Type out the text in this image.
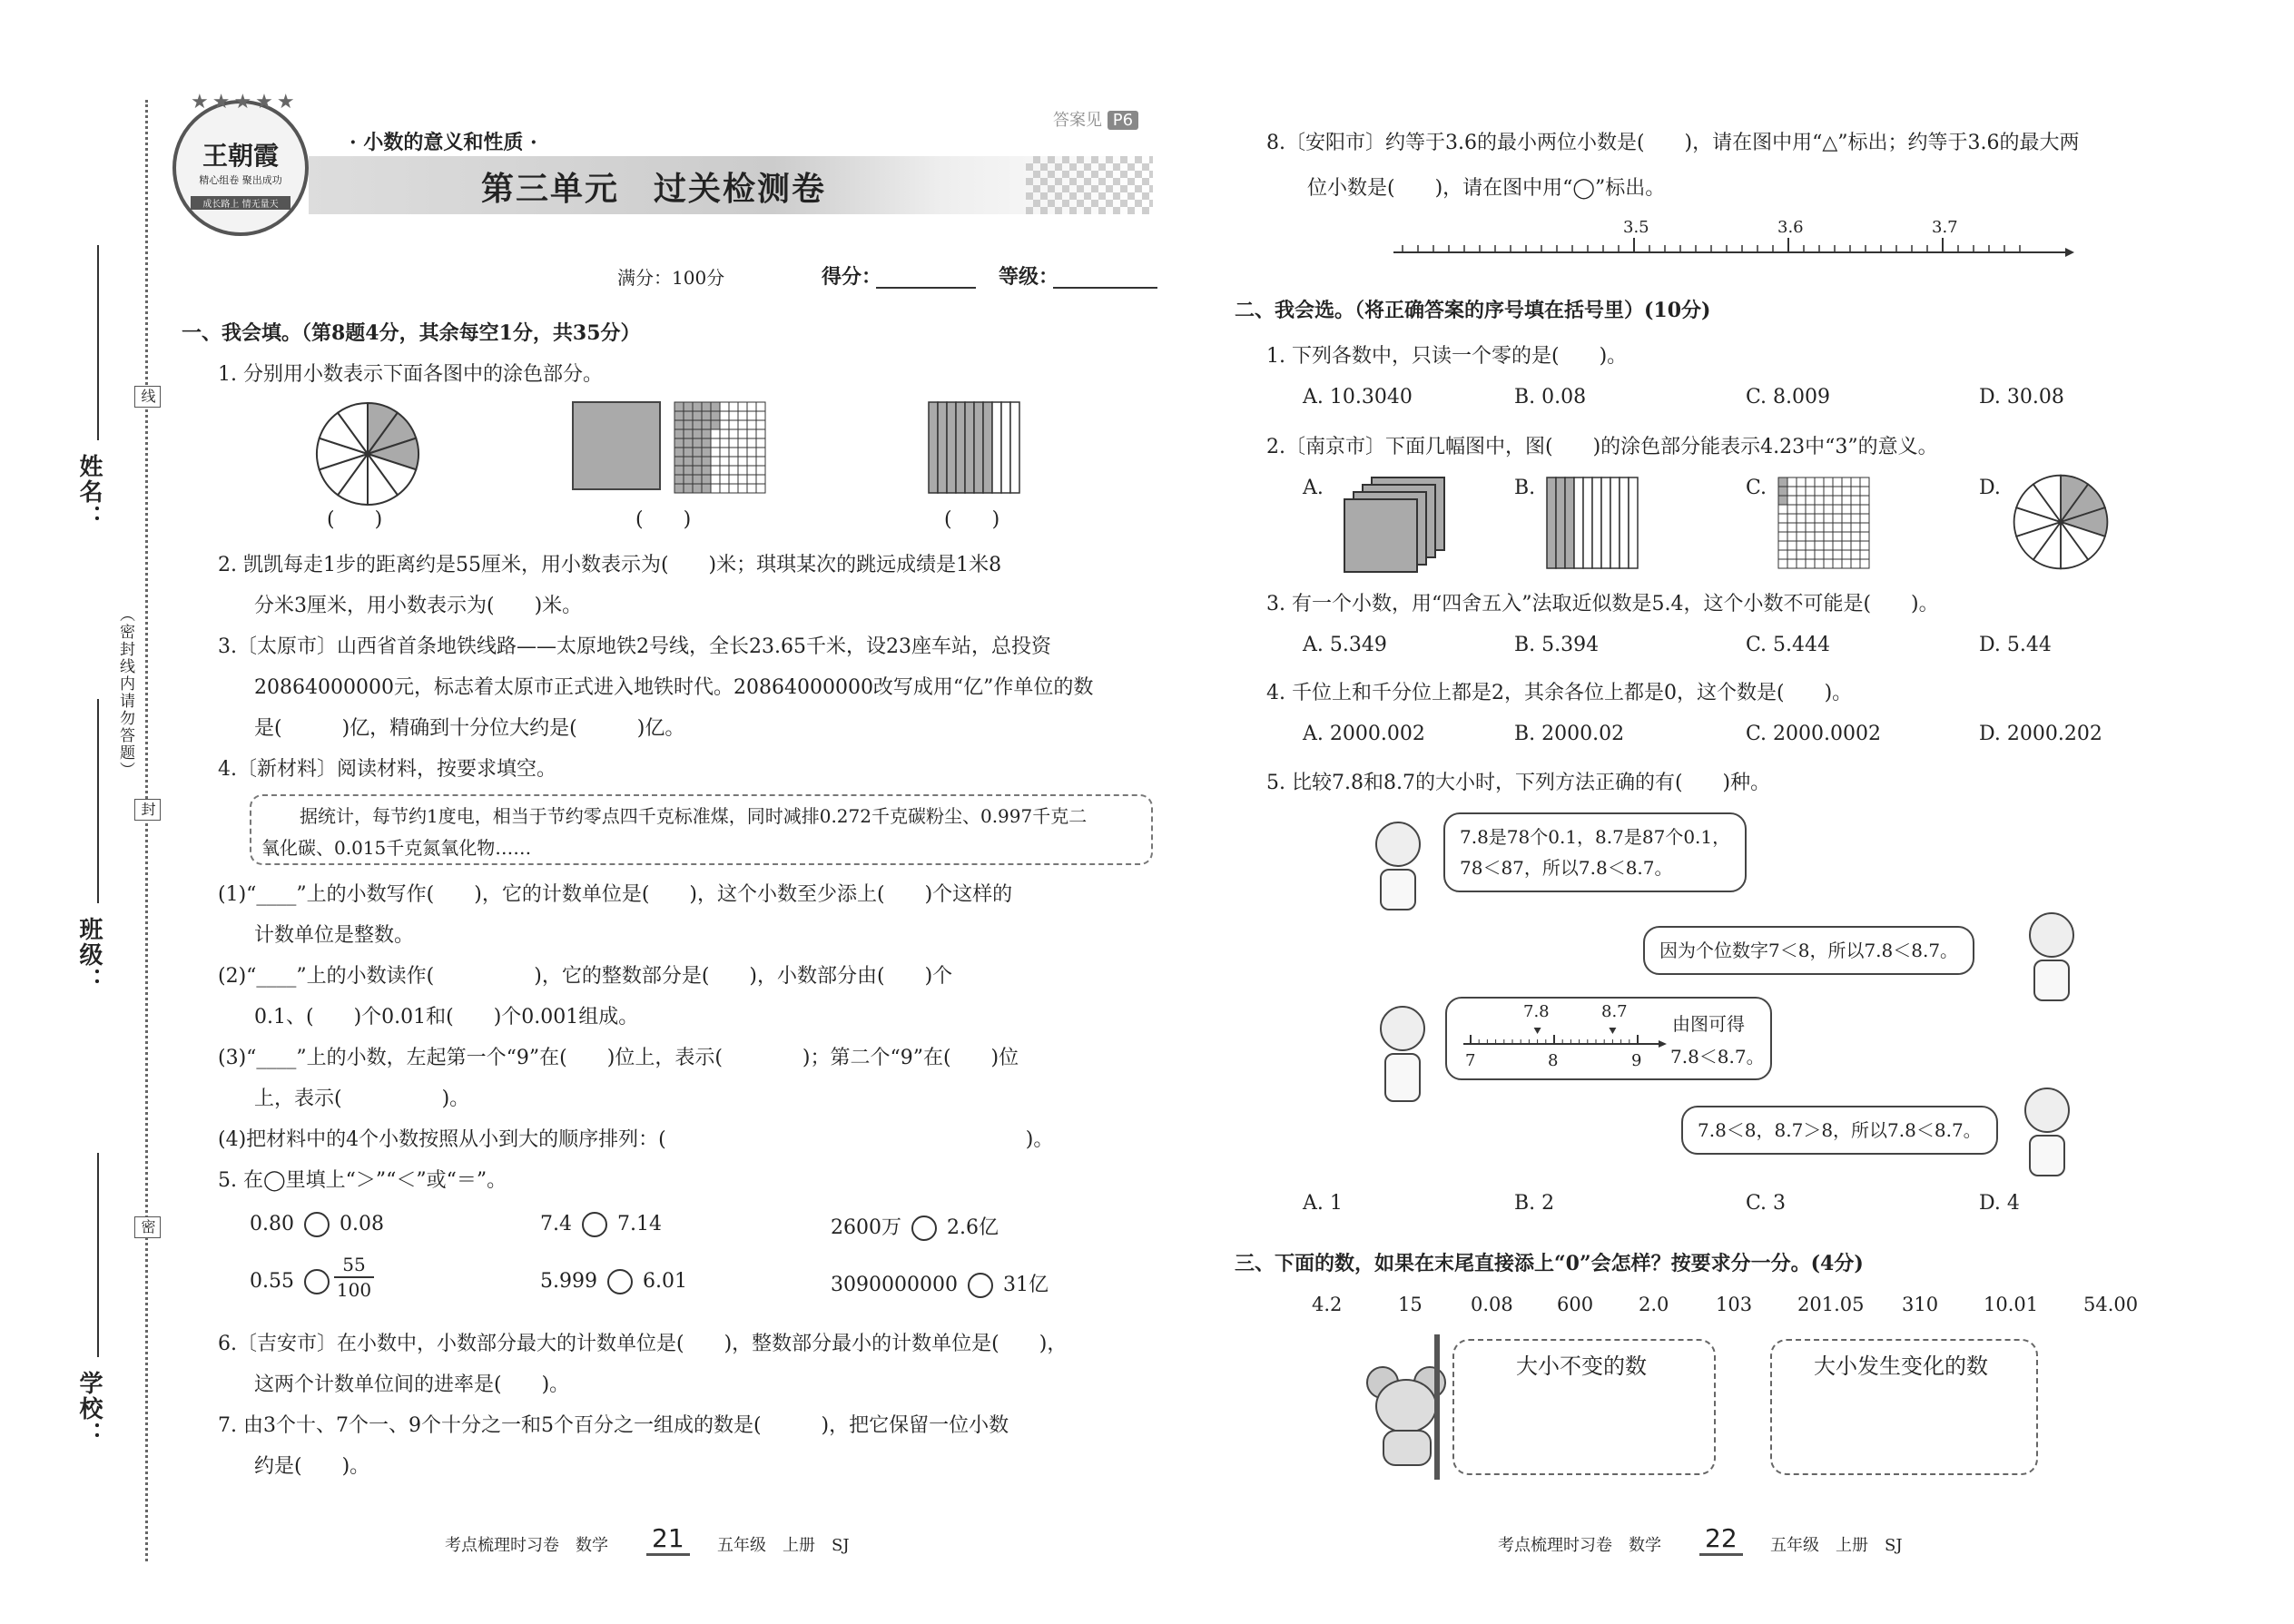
姓名：
班级：
学校：
线
封
密
（密封线内请勿答题）
王朝霞
精心组卷 聚出成功
成长路上 情无量天
★★★★★
· 小数的意义和性质 ·
答案见 P6
第三单元　过关检测卷
满分：100分	得分：	等级：
一、我会填。（第8题4分，其余每空1分，共35分）
1. 分别用小数表示下面各图中的涂色部分。
(　　)	(　　)	(　　)
2. 凯凯每走1步的距离约是55厘米，用小数表示为(　　)米；琪琪某次的跳远成绩是1米8
分米3厘米，用小数表示为(　　)米。
3.〔太原市〕山西省首条地铁线路——太原地铁2号线，全长23.65千米，设23座车站，总投资
20864000000元，标志着太原市正式进入地铁时代。20864000000改写成用“亿”作单位的数
是(　　　)亿，精确到十分位大约是(　　　)亿。
4.〔新材料〕阅读材料，按要求填空。
据统计，每节约1度电，相当于节约零点四千克标准煤，同时减排0.272千克碳粉尘、0.997千克二
氧化碳、0.015千克氮氧化物……
(1)“____”上的小数写作(　　)，它的计数单位是(　　)，这个小数至少添上(　　)个这样的
计数单位是整数。
(2)“____”上的小数读作(　　　　　)，它的整数部分是(　　)，小数部分由(　　)个
0.1、(　　)个0.01和(　　)个0.001组成。
(3)“____”上的小数，左起第一个“9”在(　　)位上，表示(　　　　)；第二个“9”在(　　)位
上，表示(　　　　　)。
(4)把材料中的4个小数按照从小到大的顺序排列：(　　　　　　　　　　　　　　　　　　)。
5. 在◯里填上“＞”“＜”或“＝”。
0.80 0.08	7.4 7.14	2600万 2.6亿
0.55	$\frac{55}{100}$	5.999 6.01	3090000000 31亿
6.〔吉安市〕在小数中，小数部分最大的计数单位是(　　)，整数部分最小的计数单位是(　　)，
这两个计数单位间的进率是(　　)。
7. 由3个十、7个一、9个十分之一和5个百分之一组成的数是(　　　)，把它保留一位小数
约是(　　)。
考点梳理时习卷　数学 21	五年级　上册　SJ
8.〔安阳市〕约等于3.6的最小两位小数是(　　)，请在图中用“△”标出；约等于3.6的最大两
位小数是(　　)，请在图中用“◯”标出。
3.5	3.6	3.7
二、我会选。（将正确答案的序号填在括号里）(10分)
1. 下列各数中，只读一个零的是(　　)。
A. 10.3040	B. 0.08	C. 8.009	D. 30.08
2.〔南京市〕下面几幅图中，图(　　)的涂色部分能表示4.23中“3”的意义。
A.	B.	C.	D.
3. 有一个小数，用“四舍五入”法取近似数是5.4，这个小数不可能是(　　)。
A. 5.349	B. 5.394	C. 5.444	D. 5.44
4. 千位上和千分位上都是2，其余各位上都是0，这个数是(　　)。
A. 2000.002	B. 2000.02	C. 2000.0002	D. 2000.202
5. 比较7.8和8.7的大小时，下列方法正确的有(　　)种。
7.8是78个0.1，8.7是87个0.1，
78＜87，所以7.8＜8.7。
因为个位数字7＜8，所以7.8＜8.7。
7.8	8.7
7	8	9
由图可得
7.8＜8.7。
7.8＜8，8.7＞8，所以7.8＜8.7。
A. 1	B. 2	C. 3	D. 4
三、下面的数，如果在末尾直接添上“0”会怎样？按要求分一分。(4分)
4.2	15	0.08 600 2.0 103 201.05 310 10.01 54.00
大小不变的数	大小发生变化的数
考点梳理时习卷　数学 22	五年级　上册　SJ
